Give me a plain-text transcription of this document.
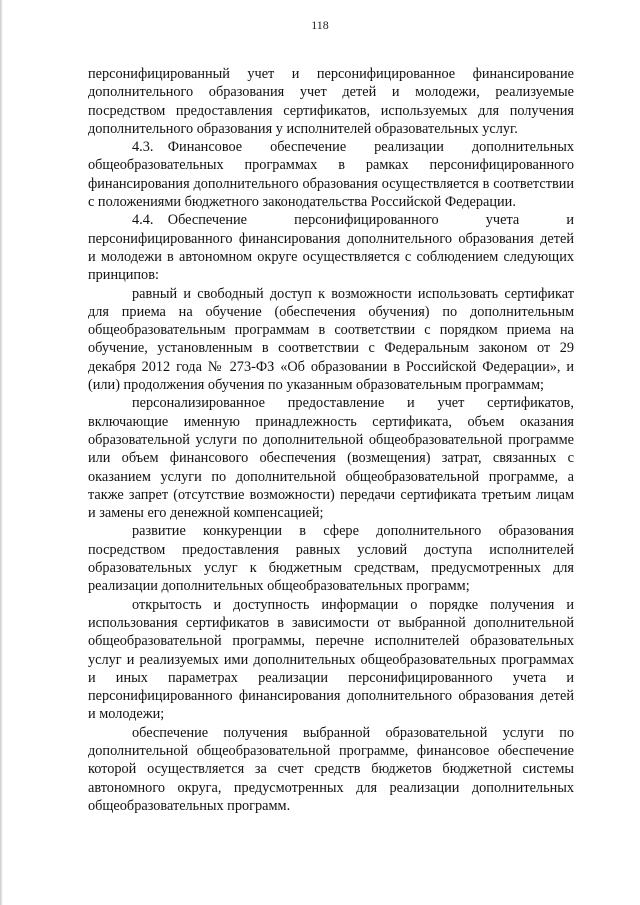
118

персонифицированный учет и персонифицированное финансирование дополнительного образования учет детей и молодежи, реализуемые посредством предоставления сертификатов, используемых для получения дополнительного образования у исполнителей образовательных услуг.

4.3. Финансовое обеспечение реализации дополнительных общеобразовательных программах в рамках персонифицированного финансирования дополнительного образования осуществляется в соответствии с положениями бюджетного законодательства Российской Федерации.

4.4. Обеспечение персонифицированного учета и персонифицированного финансирования дополнительного образования детей и молодежи в автономном округе осуществляется с соблюдением следующих принципов:

равный и свободный доступ к возможности использовать сертификат для приема на обучение (обеспечения обучения) по дополнительным общеобразовательным программам в соответствии с порядком приема на обучение, установленным в соответствии с Федеральным законом от 29 декабря 2012 года № 273-ФЗ «Об образовании в Российской Федерации», и (или) продолжения обучения по указанным образовательным программам;

персонализированное предоставление и учет сертификатов, включающие именную принадлежность сертификата, объем оказания образовательной услуги по дополнительной общеобразовательной программе или объем финансового обеспечения (возмещения) затрат, связанных с оказанием услуги по дополнительной общеобразовательной программе, а также запрет (отсутствие возможности) передачи сертификата третьим лицам и замены его денежной компенсацией;

развитие конкуренции в сфере дополнительного образования посредством предоставления равных условий доступа исполнителей образовательных услуг к бюджетным средствам, предусмотренных для реализации дополнительных общеобразовательных программ;

открытость и доступность информации о порядке получения и использования сертификатов в зависимости от выбранной дополнительной общеобразовательной программы, перечне исполнителей образовательных услуг и реализуемых ими дополнительных общеобразовательных программах и иных параметрах реализации персонифицированного учета и персонифицированного финансирования дополнительного образования детей и молодежи;

обеспечение получения выбранной образовательной услуги по дополнительной общеобразовательной программе, финансовое обеспечение которой осуществляется за счет средств бюджетов бюджетной системы автономного округа, предусмотренных для реализации дополнительных общеобразовательных программ.
